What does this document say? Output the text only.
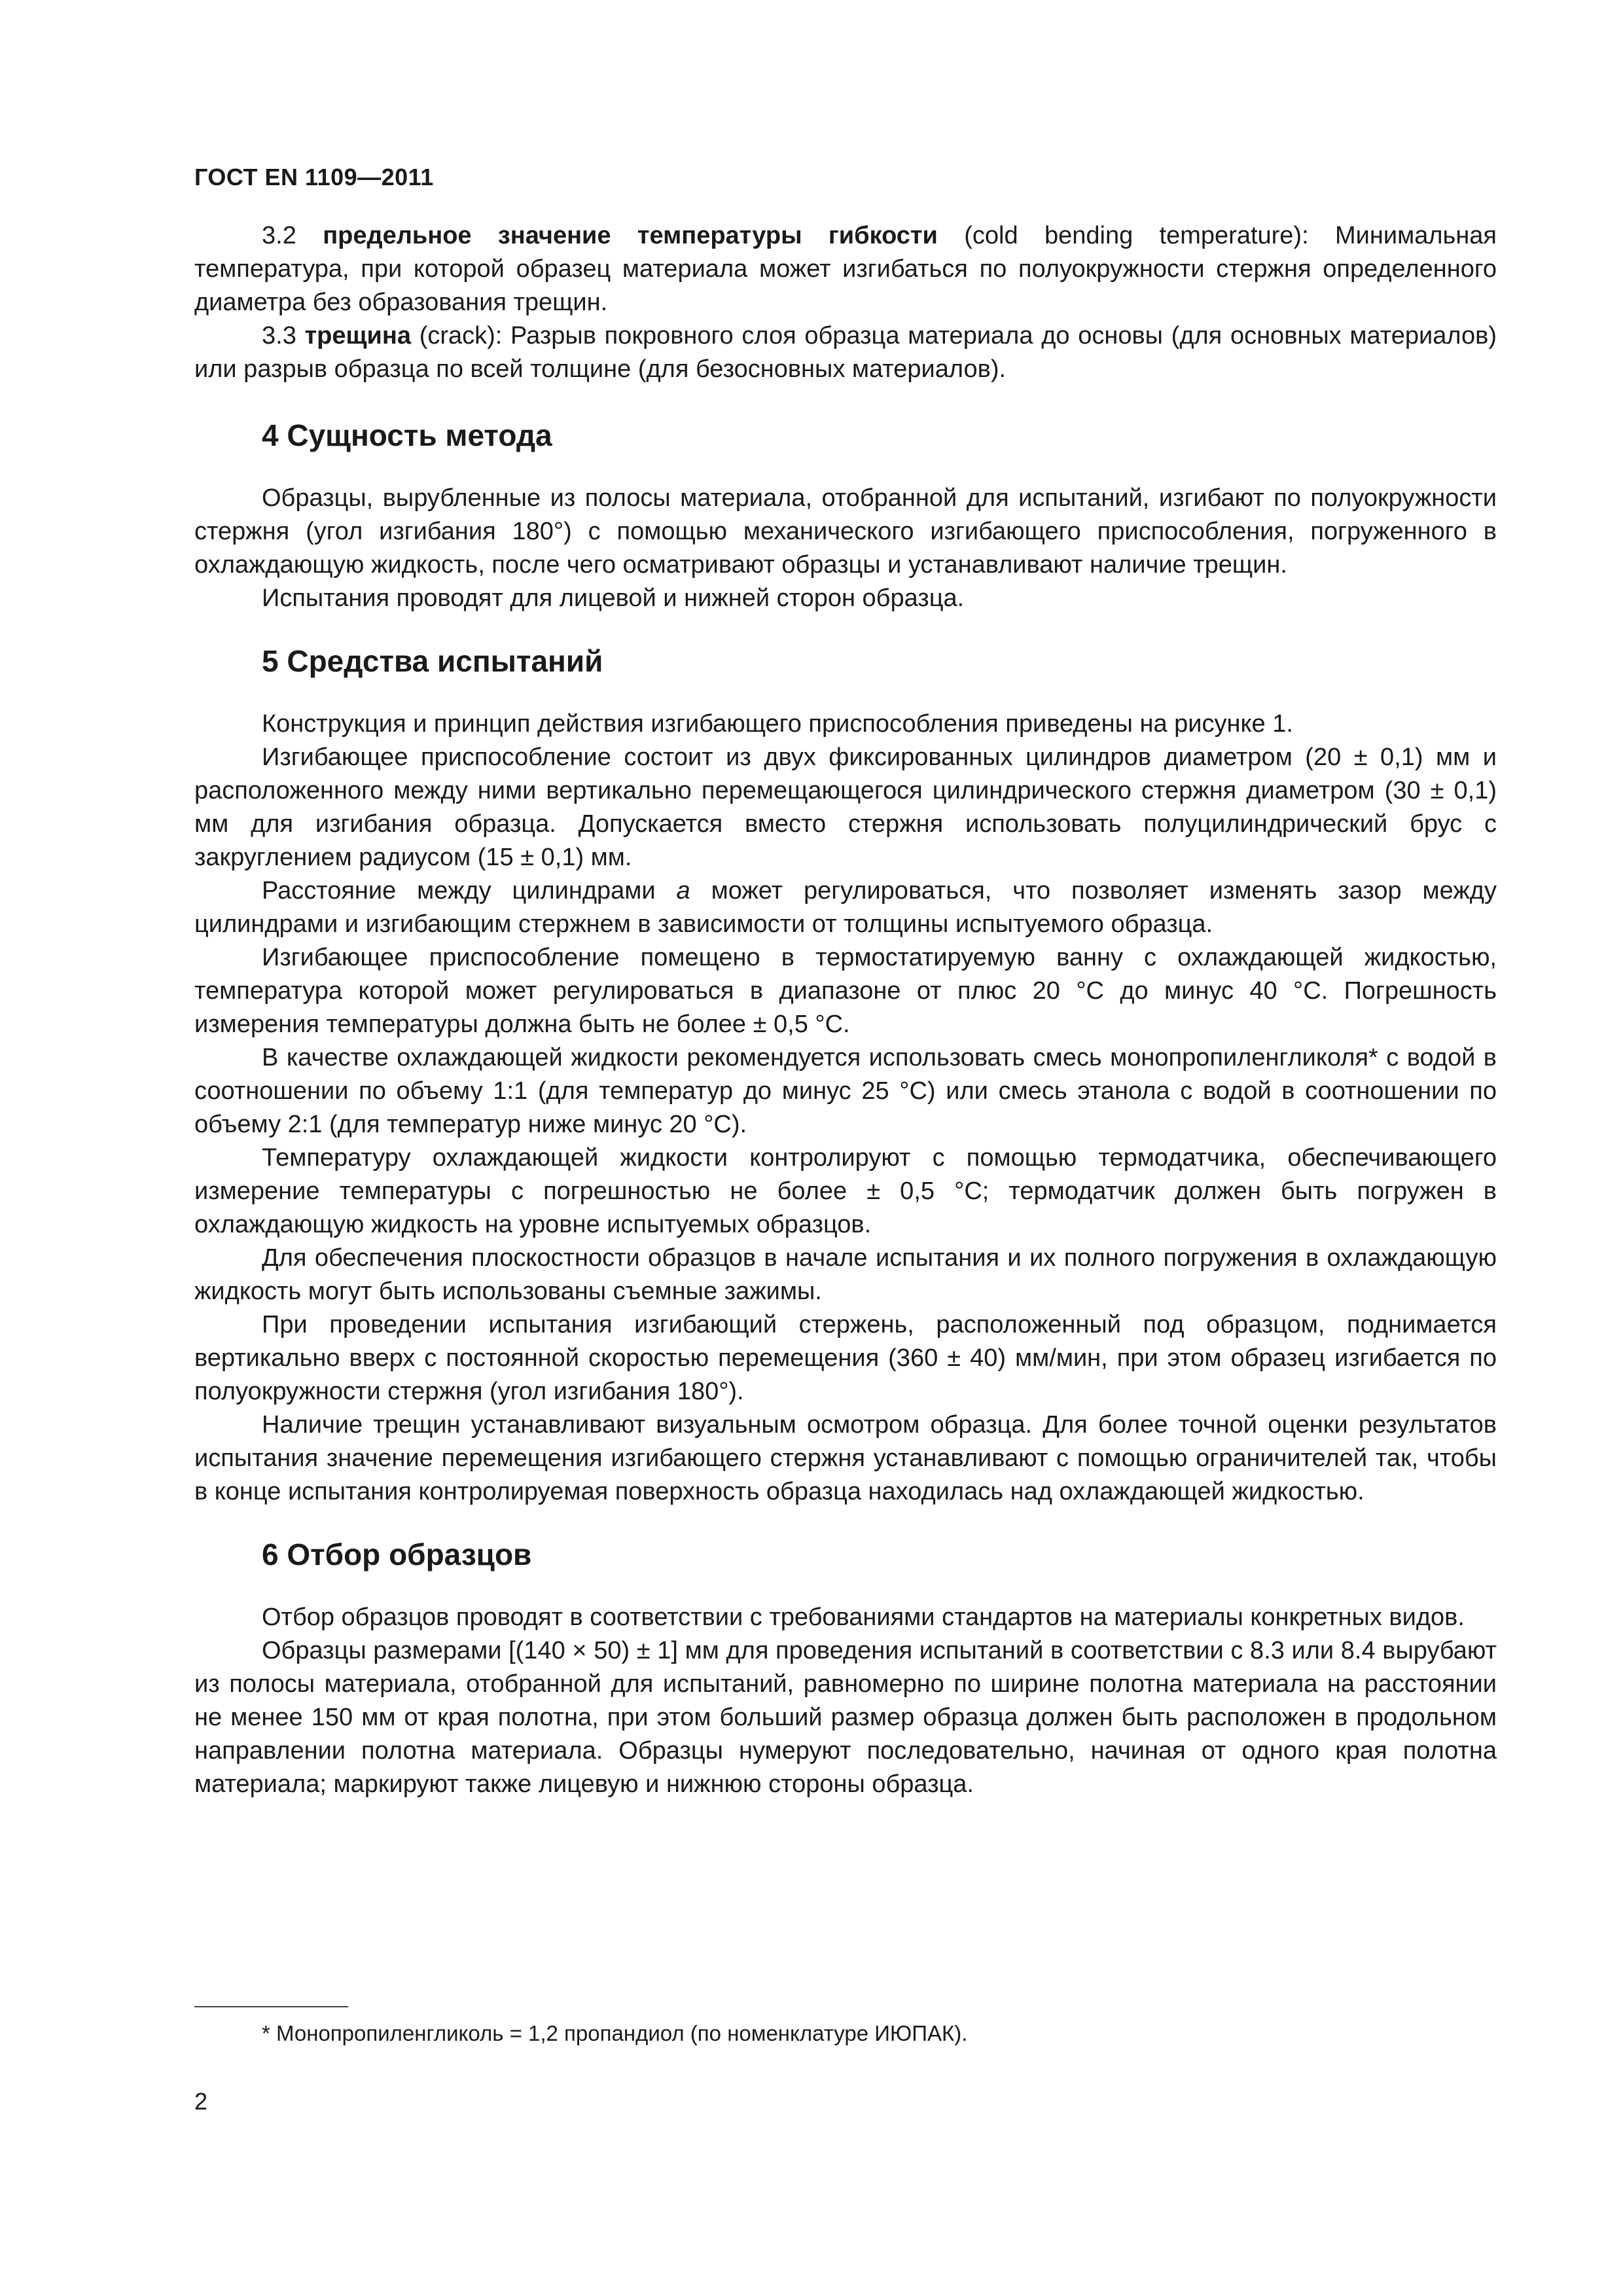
ГОСТ EN 1109—2011

3.2 предельное значение температуры гибкости (cold bending temperature): Минимальная температура, при которой образец материала может изгибаться по полуокружности стержня определенного диаметра без образования трещин.

3.3 трещина (crack): Разрыв покровного слоя образца материала до основы (для основных материалов) или разрыв образца по всей толщине (для безосновных материалов).

4 Сущность метода

Образцы, вырубленные из полосы материала, отобранной для испытаний, изгибают по полуокружности стержня (угол изгибания 180°) с помощью механического изгибающего приспособления, погруженного в охлаждающую жидкость, после чего осматривают образцы и устанавливают наличие трещин.

Испытания проводят для лицевой и нижней сторон образца.

5 Средства испытаний

Конструкция и принцип действия изгибающего приспособления приведены на рисунке 1.

Изгибающее приспособление состоит из двух фиксированных цилиндров диаметром (20 ± 0,1) мм и расположенного между ними вертикально перемещающегося цилиндрического стержня диаметром (30 ± 0,1) мм для изгибания образца. Допускается вместо стержня использовать полуцилиндрический брус с закруглением радиусом (15 ± 0,1) мм.

Расстояние между цилиндрами a может регулироваться, что позволяет изменять зазор между цилиндрами и изгибающим стержнем в зависимости от толщины испытуемого образца.

Изгибающее приспособление помещено в термостатируемую ванну с охлаждающей жидкостью, температура которой может регулироваться в диапазоне от плюс 20 °С до минус 40 °С. Погрешность измерения температуры должна быть не более ± 0,5 °С.

В качестве охлаждающей жидкости рекомендуется использовать смесь монопропиленгликоля* с водой в соотношении по объему 1:1 (для температур до минус 25 °С) или смесь этанола с водой в соотношении по объему 2:1 (для температур ниже минус 20 °С).

Температуру охлаждающей жидкости контролируют с помощью термодатчика, обеспечивающего измерение температуры с погрешностью не более ± 0,5 °С; термодатчик должен быть погружен в охлаждающую жидкость на уровне испытуемых образцов.

Для обеспечения плоскостности образцов в начале испытания и их полного погружения в охлаждающую жидкость могут быть использованы съемные зажимы.

При проведении испытания изгибающий стержень, расположенный под образцом, поднимается вертикально вверх с постоянной скоростью перемещения (360 ± 40) мм/мин, при этом образец изгибается по полуокружности стержня (угол изгибания 180°).

Наличие трещин устанавливают визуальным осмотром образца. Для более точной оценки результатов испытания значение перемещения изгибающего стержня устанавливают с помощью ограничителей так, чтобы в конце испытания контролируемая поверхность образца находилась над охлаждающей жидкостью.

6 Отбор образцов

Отбор образцов проводят в соответствии с требованиями стандартов на материалы конкретных видов.

Образцы размерами [(140 × 50) ± 1] мм для проведения испытаний в соответствии с 8.3 или 8.4 вырубают из полосы материала, отобранной для испытаний, равномерно по ширине полотна материала на расстоянии не менее 150 мм от края полотна, при этом больший размер образца должен быть расположен в продольном направлении полотна материала. Образцы нумеруют последовательно, начиная от одного края полотна материала; маркируют также лицевую и нижнюю стороны образца.

* Монопропиленгликоль = 1,2 пропандиол (по номенклатуре ИЮПАК).
2
